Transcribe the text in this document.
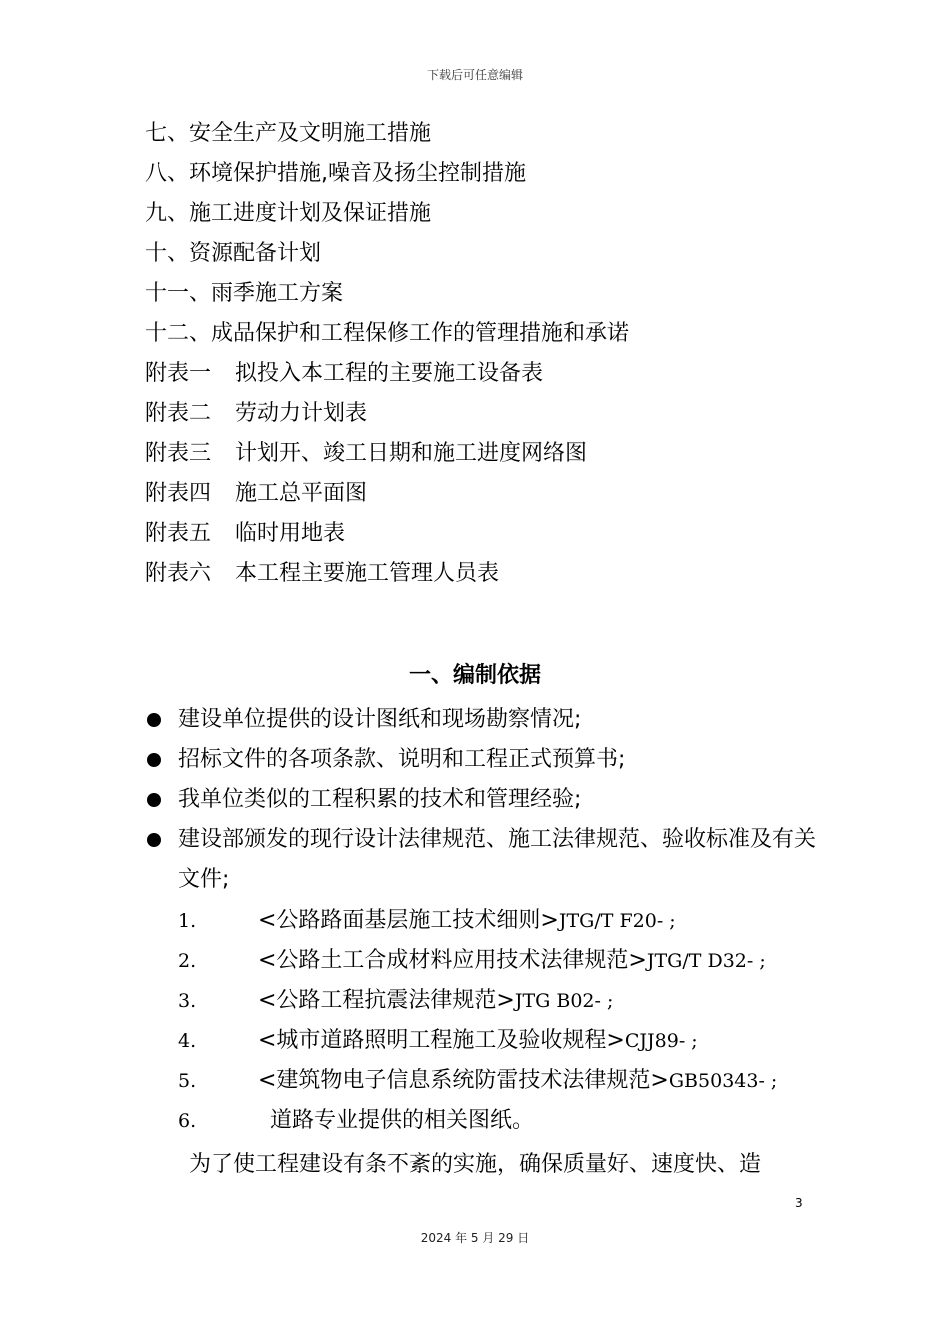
下载后可任意编辑
七、安全生产及文明施工措施
八、环境保护措施,噪音及扬尘控制措施
九、施工进度计划及保证措施
十、资源配备计划
十一、雨季施工方案
十二、成品保护和工程保修工作的管理措施和承诺
附表一 拟投入本工程的主要施工设备表
附表二 劳动力计划表
附表三 计划开、竣工日期和施工进度网络图
附表四 施工总平面图
附表五 临时用地表
附表六 本工程主要施工管理人员表
一、编制依据
建设单位提供的设计图纸和现场勘察情况;
招标文件的各项条款、说明和工程正式预算书;
我单位类似的工程积累的技术和管理经验;
建设部颁发的现行设计法律规范、施工法律规范、验收标准及有关文件;
1.	<公路路面基层施工技术细则>JTG/T F20- ;
2.	<公路土工合成材料应用技术法律规范>JTG/T D32- ;
3.	<公路工程抗震法律规范>JTG B02- ;
4.	<城市道路照明工程施工及验收规程>CJJ89- ;
5.	<建筑物电子信息系统防雷技术法律规范>GB50343- ;
6.	道路专业提供的相关图纸。
为了使工程建设有条不紊的实施，确保质量好、速度快、造
3
2024 年 5 月 29 日
